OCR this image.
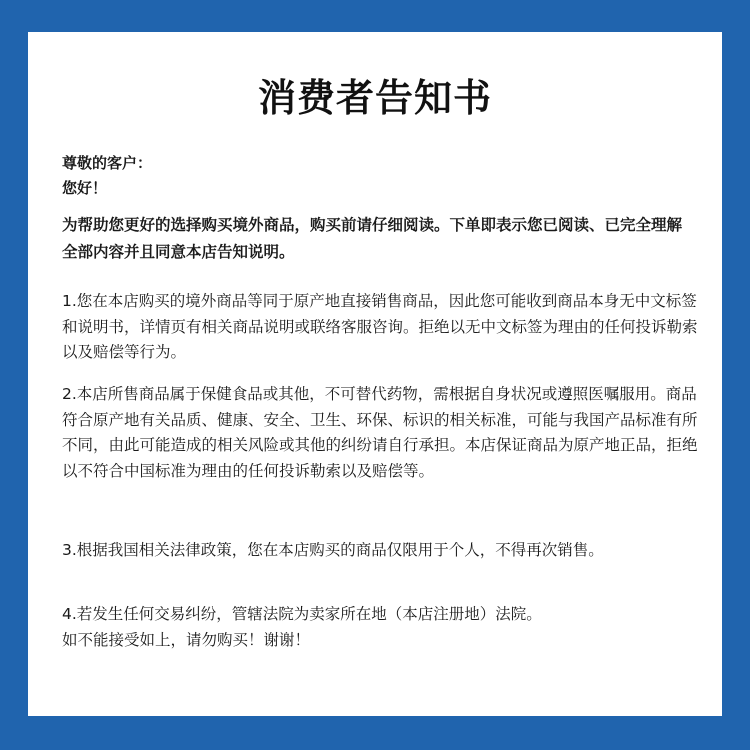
消费者告知书

尊敬的客户：

您好！

为帮助您更好的选择购买境外商品，购买前请仔细阅读。下单即表示您已阅读、已完全理解全部内容并且同意本店告知说明。

1.您在本店购买的境外商品等同于原产地直接销售商品，因此您可能收到商品本身无中文标签和说明书，详情页有相关商品说明或联络客服咨询。拒绝以无中文标签为理由的任何投诉勒索以及赔偿等行为。

2.本店所售商品属于保健食品或其他，不可替代药物，需根据自身状况或遵照医嘱服用。商品符合原产地有关品质、健康、安全、卫生、环保、标识的相关标准，可能与我国产品标准有所不同，由此可能造成的相关风险或其他的纠纷请自行承担。本店保证商品为原产地正品，拒绝以不符合中国标准为理由的任何投诉勒索以及赔偿等。

3.根据我国相关法律政策，您在本店购买的商品仅限用于个人，不得再次销售。

4.若发生任何交易纠纷，管辖法院为卖家所在地（本店注册地）法院。
如不能接受如上，请勿购买！谢谢！
